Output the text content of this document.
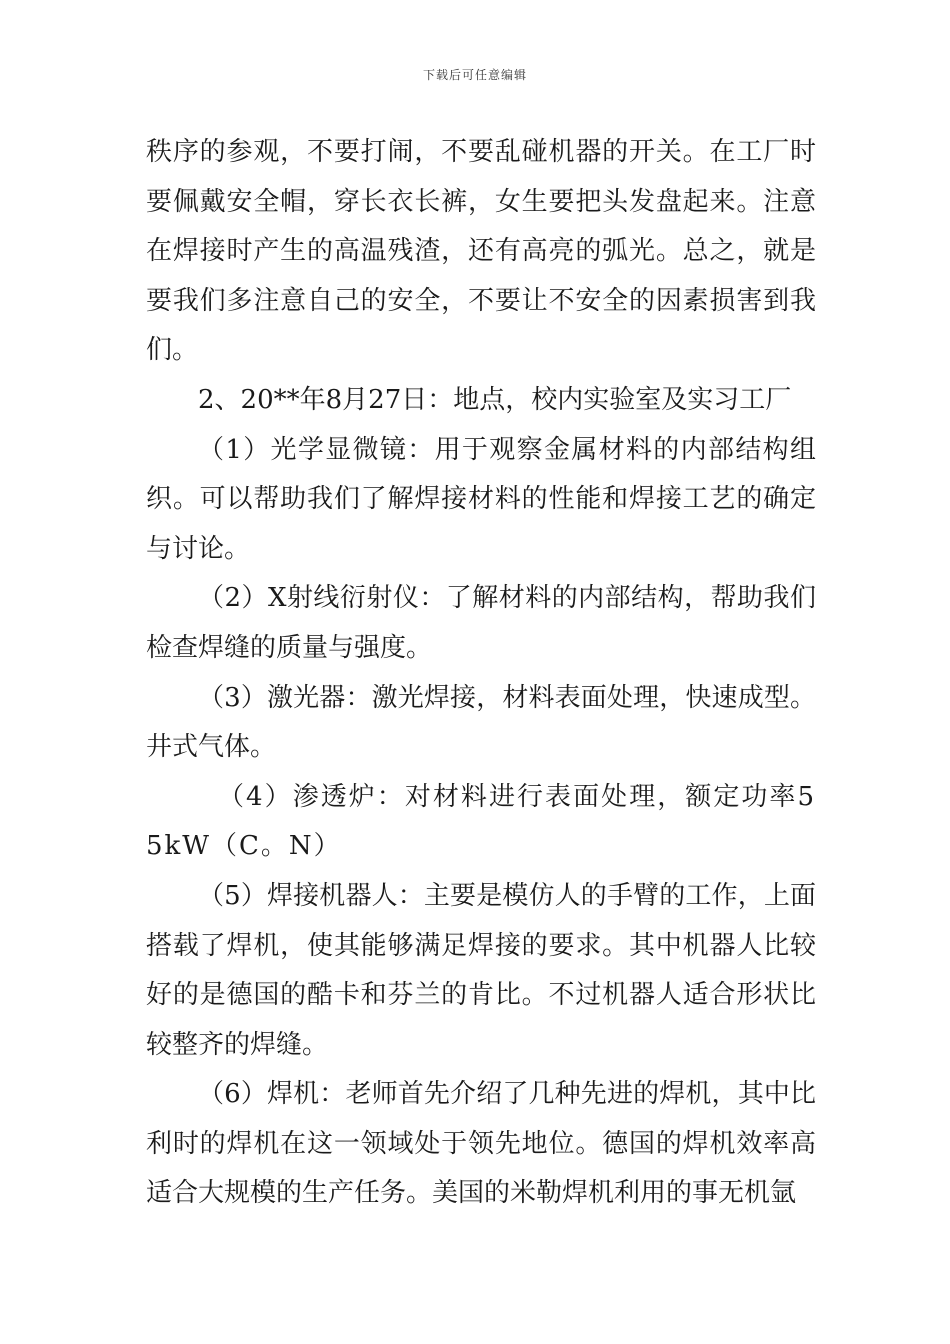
下载后可任意编辑

秩序的参观，不要打闹，不要乱碰机器的开关。在工厂时要佩戴安全帽，穿长衣长裤，女生要把头发盘起来。注意在焊接时产生的高温残渣，还有高亮的弧光。总之，就是要我们多注意自己的安全，不要让不安全的因素损害到我们。

2、20**年8月27日：地点，校内实验室及实习工厂

（1）光学显微镜：用于观察金属材料的内部结构组织。可以帮助我们了解焊接材料的性能和焊接工艺的确定与讨论。

（2）X射线衍射仪：了解材料的内部结构，帮助我们检查焊缝的质量与强度。

（3）激光器：激光焊接，材料表面处理，快速成型。井式气体。

（4）渗透炉：对材料进行表面处理，额定功率55kW（C。N）

（5）焊接机器人：主要是模仿人的手臂的工作，上面搭载了焊机，使其能够满足焊接的要求。其中机器人比较好的是德国的酷卡和芬兰的肯比。不过机器人适合形状比较整齐的焊缝。

（6）焊机：老师首先介绍了几种先进的焊机，其中比利时的焊机在这一领域处于领先地位。德国的焊机效率高适合大规模的生产任务。美国的米勒焊机利用的事无机氩
